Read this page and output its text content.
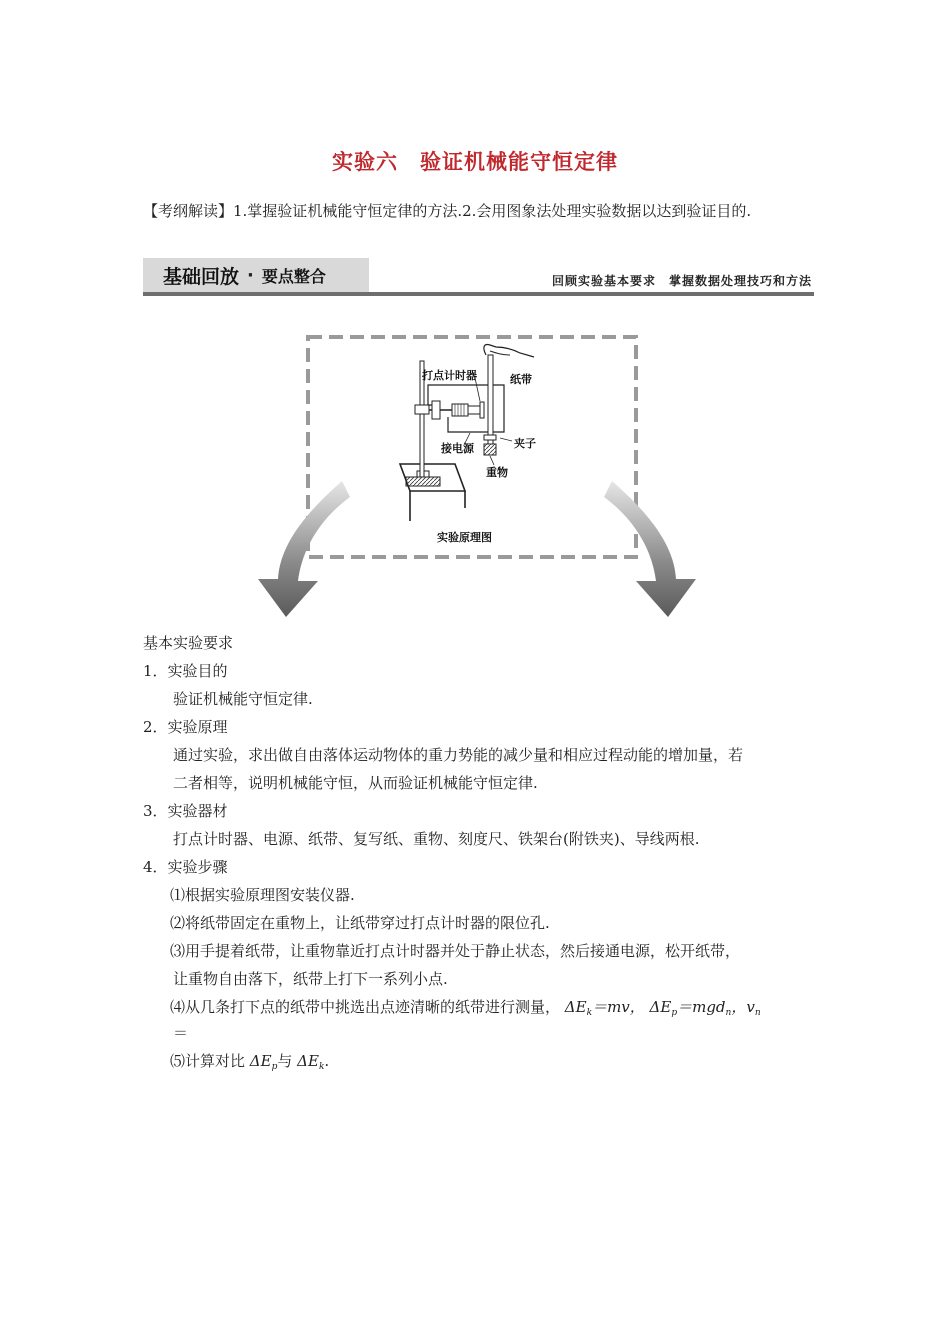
实验六　验证机械能守恒定律
【考纲解读】1.掌握验证机械能守恒定律的方法.2.会用图象法处理实验数据以达到验证目的.
基础回放 · 要点整合	回顾实验基本要求　掌握数据处理技巧和方法
打点计时器	纸带
夹子
接电源
重物
实验原理图
基本实验要求
1．实验目的
验证机械能守恒定律.
2．实验原理
通过实验，求出做自由落体运动物体的重力势能的减少量和相应过程动能的增加量，若
二者相等，说明机械能守恒，从而验证机械能守恒定律.
3．实验器材
打点计时器、电源、纸带、复写纸、重物、刻度尺、铁架台(附铁夹)、导线两根.
4．实验步骤
⑴根据实验原理图安装仪器.
⑵将纸带固定在重物上，让纸带穿过打点计时器的限位孔.
⑶用手提着纸带，让重物靠近打点计时器并处于静止状态，然后接通电源，松开纸带，
让重物自由落下，纸带上打下一系列小点.
⑷从几条打下点的纸带中挑选出点迹清晰的纸带进行测量， $\Delta E_k=mv$， $\Delta E_p=mgd_n$，$v_n$
＝
⑸计算对比 $\Delta E_p$与 $\Delta E_k$.
